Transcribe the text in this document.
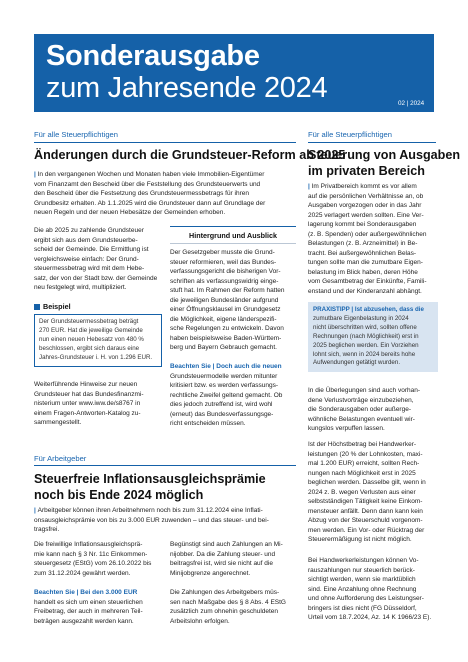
Sonderausgabe
zum Jahresende 2024	02 | 2024
Für alle Steuerpflichtigen
Änderungen durch die Grundsteuer-Reform ab 2025
| In den vergangenen Wochen und Monaten haben viele Immobilien-Eigentümer
vom Finanzamt den Bescheid über die Feststellung des Grundsteuerwerts und
den Bescheid über die Festsetzung des Grundsteuermessbetrags für ihren
Grundbesitz erhalten. Ab 1.1.2025 wird die Grundsteuer dann auf Grundlage der
neuen Regeln und der neuen Hebesätze der Gemeinden erhoben.
Die ab 2025 zu zahlende Grundsteuer
ergibt sich aus dem Grundsteuerbe-
scheid der Gemeinde. Die Ermittlung ist
vergleichsweise einfach: Der Grund-
steuermessbetrag wird mit dem Hebe-
satz, der von der Stadt bzw. der Gemeinde
neu festgelegt wird, multipliziert.
Beispiel
Der Grundsteuermessbetrag beträgt
270 EUR. Hat die jeweilige Gemeinde
nun einen neuen Hebesatz von 480 %
beschlossen, ergibt sich daraus eine
Jahres-Grundsteuer i. H. von 1.296 EUR.
Weiterführende Hinweise zur neuen
Grundsteuer hat das Bundesfinanzmi-
nisterium unter www.iww.de/s8767 in
einem Fragen-Antworten-Katalog zu-
sammengestellt.
Hintergrund und Ausblick
Der Gesetzgeber musste die Grund-
steuer reformieren, weil das Bundes-
verfassungsgericht die bisherigen Vor-
schriften als verfassungswidrig einge-
stuft hat. Im Rahmen der Reform hatten
die jeweiligen Bundesländer aufgrund
einer Öffnungsklausel im Grundgesetz
die Möglichkeit, eigene länderspezifi-
sche Regelungen zu entwickeln. Davon
haben beispielsweise Baden-Württem-
berg und Bayern Gebrauch gemacht.
Beachten Sie | Doch auch die neuen
Grundsteuermodelle werden mitunter
kritisiert bzw. es werden verfassungs-
rechtliche Zweifel geltend gemacht. Ob
dies jedoch zutreffend ist, wird wohl
(erneut) das Bundesverfassungsge-
richt entscheiden müssen.
Für Arbeitgeber
Steuerfreie Inflationsausgleichsprämie
noch bis Ende 2024 möglich
| Arbeitgeber können ihren Arbeitnehmern noch bis zum 31.12.2024 eine Inflati-
onsausgleichsprämie von bis zu 3.000 EUR zuwenden – und das steuer- und bei-
tragsfrei.
Die freiwillige Inflationsausgleichsprä-
mie kann nach § 3 Nr. 11c Einkommen-
steuergesetz (EStG) vom 26.10.2022 bis
zum 31.12.2024 gewährt werden.
Beachten Sie | Bei den 3.000 EUR
handelt es sich um einen steuerlichen
Freibetrag, der auch in mehreren Teil-
beträgen ausgezahlt werden kann.
Begünstigt sind auch Zahlungen an Mi-
nijobber. Da die Zahlung steuer- und
beitragsfrei ist, wird sie nicht auf die
Minijobgrenze angerechnet.
Die Zahlungen des Arbeitgebers müs-
sen nach Maßgabe des § 8 Abs. 4 EStG
zusätzlich zum ohnehin geschuldeten
Arbeitslohn erfolgen.
Für alle Steuerpflichtigen
Steuerung von Ausgaben
im privaten Bereich
| Im Privatbereich kommt es vor allem
auf die persönlichen Verhältnisse an, ob
Ausgaben vorgezogen oder in das Jahr
2025 verlagert werden sollten. Eine Ver-
lagerung kommt bei Sonderausgaben
(z. B. Spenden) oder außergewöhnlichen
Belastungen (z. B. Arzneimittel) in Be-
tracht. Bei außergewöhnlichen Belas-
tungen sollte man die zumutbare Eigen-
belastung im Blick haben, deren Höhe
vom Gesamtbetrag der Einkünfte, Famili-
enstand und der Kinderanzahl abhängt.
PRAXISTIPP | Ist abzusehen, dass die
zumutbare Eigenbelastung in 2024
nicht überschritten wird, sollten offene
Rechnungen (nach Möglichkeit) erst in
2025 beglichen werden. Ein Vorziehen
lohnt sich, wenn in 2024 bereits hohe
Aufwendungen getätigt wurden.
In die Überlegungen sind auch vorhan-
dene Verlustvorträge einzubeziehen,
die Sonderausgaben oder außerge-
wöhnliche Belastungen eventuell wir-
kungslos verpuffen lassen.
Ist der Höchstbetrag bei Handwerker-
leistungen (20 % der Lohnkosten, maxi-
mal 1.200 EUR) erreicht, sollten Rech-
nungen nach Möglichkeit erst in 2025
beglichen werden. Dasselbe gilt, wenn in
2024 z. B. wegen Verlusten aus einer
selbstständigen Tätigkeit keine Einkom-
mensteuer anfällt. Denn dann kann kein
Abzug von der Steuerschuld vorgenom-
men werden. Ein Vor- oder Rücktrag der
Steuerermäßigung ist nicht möglich.
Bei Handwerkerleistungen können Vo-
rauszahlungen nur steuerlich berück-
sichtigt werden, wenn sie marktüblich
sind. Eine Anzahlung ohne Rechnung
und ohne Aufforderung des Leistungser-
bringers ist dies nicht (FG Düsseldorf,
Urteil vom 18.7.2024, Az. 14 K 1966/23 E).
